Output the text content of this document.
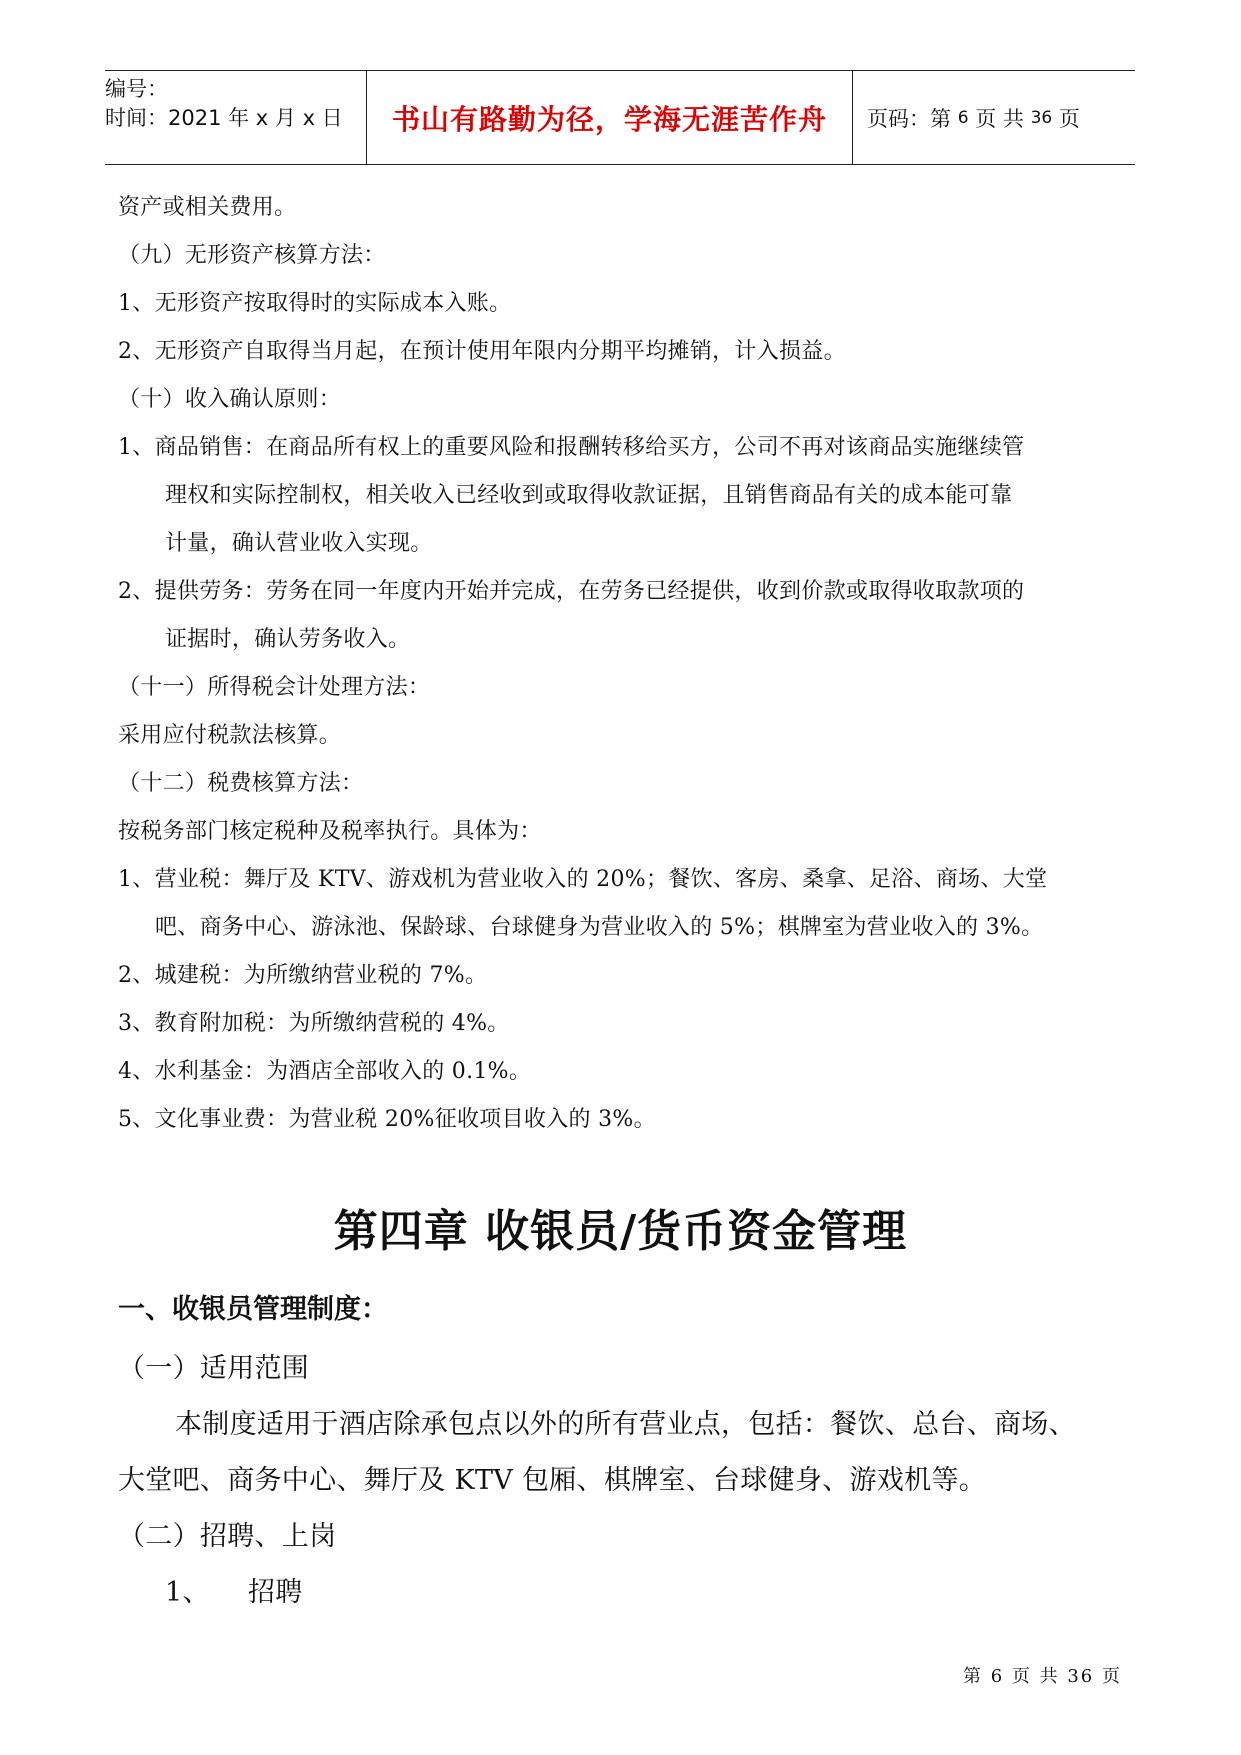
编号：
时间：2021 年 x 月 x 日	书山有路勤为径，学海无涯苦作舟	页码：第
6
页 共
36
页
资产或相关费用。
（九）无形资产核算方法：
1、无形资产按取得时的实际成本入账。
2、无形资产自取得当月起，在预计使用年限内分期平均摊销，计入损益。
（十）收入确认原则：
1、商品销售：在商品所有权上的重要风险和报酬转移给买方，公司不再对该商品实施继续管
理权和实际控制权，相关收入已经收到或取得收款证据，且销售商品有关的成本能可靠
计量，确认营业收入实现。
2、提供劳务：劳务在同一年度内开始并完成，在劳务已经提供，收到价款或取得收取款项的
证据时，确认劳务收入。
（十一）所得税会计处理方法：
采用应付税款法核算。
（十二）税费核算方法：
按税务部门核定税种及税率执行。具体为：
1、营业税：舞厅及 KTV、游戏机为营业收入的 20%；餐饮、客房、桑拿、足浴、商场、大堂
吧、商务中心、游泳池、保龄球、台球健身为营业收入的 5%；棋牌室为营业收入的 3%。
2、城建税：为所缴纳营业税的 7%。
3、教育附加税：为所缴纳营税的 4%。
4、水利基金：为酒店全部收入的 0.1%。
5、文化事业费：为营业税 20%征收项目收入的 3%。
第四章 收银员/货币资金管理
一、收银员管理制度：
（一）适用范围
本制度适用于酒店除承包点以外的所有营业点，包括：餐饮、总台、商场、
大堂吧、商务中心、舞厅及 KTV 包厢、棋牌室、台球健身、游戏机等。
（二）招聘、上岗
1、 招聘
第 6 页 共 36 页
